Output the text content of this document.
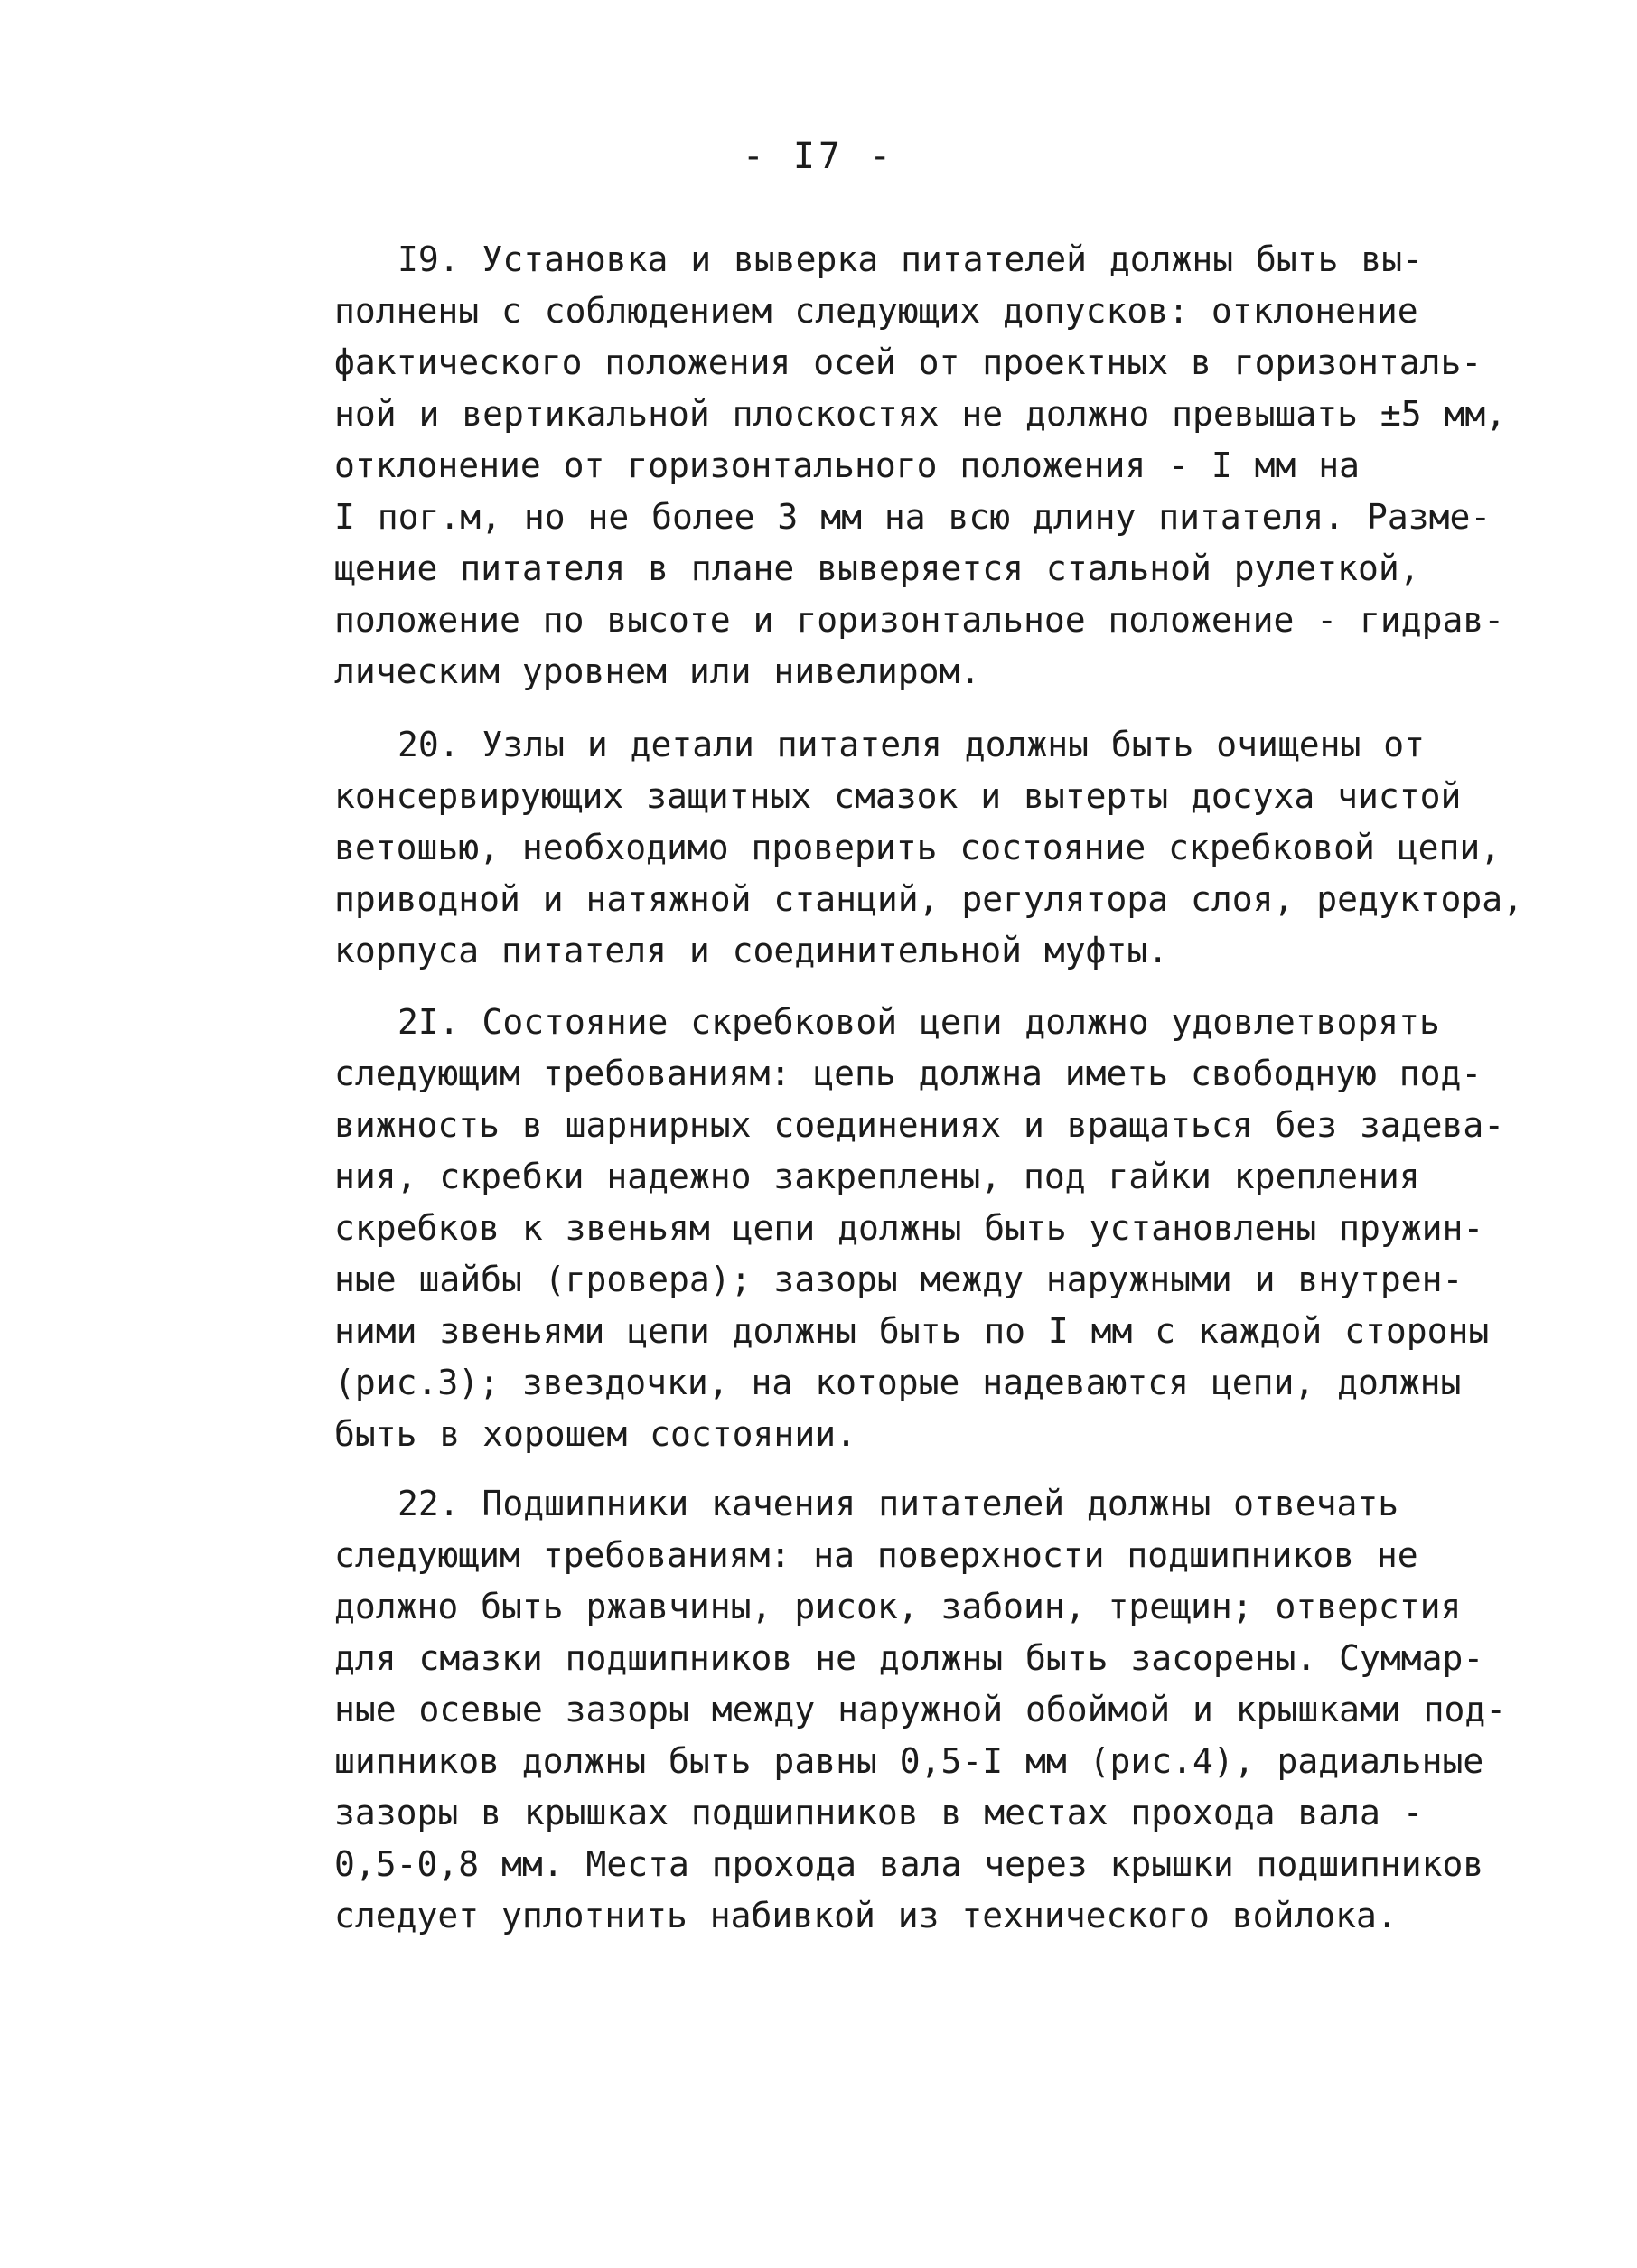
- I7 -
I9. Установка и выверка питателей должны быть вы-
полнены с соблюдением следующих допусков: отклонение
фактического положения осей от проектных в горизонталь-
ной и вертикальной плоскостях не должно превышать ±5 мм,
отклонение от горизонтального положения - I мм на
I пог.м, но не более 3 мм на всю длину питателя. Разме-
щение питателя в плане выверяется стальной рулеткой,
положение по высоте и горизонтальное положение - гидрав-
лическим уровнем или нивелиром.
20. Узлы и детали питателя должны быть очищены от
консервирующих защитных смазок и вытерты досуха чистой
ветошью, необходимо проверить состояние скребковой цепи,
приводной и натяжной станций, регулятора слоя, редуктора,
корпуса питателя и соединительной муфты.
2I. Состояние скребковой цепи должно удовлетворять
следующим требованиям: цепь должна иметь свободную под-
вижность в шарнирных соединениях и вращаться без задева-
ния, скребки надежно закреплены, под гайки крепления
скребков к звеньям цепи должны быть установлены пружин-
ные шайбы (гровера); зазоры между наружными и внутрен-
ними звеньями цепи должны быть по I мм с каждой стороны
(рис.3); звездочки, на которые надеваются цепи, должны
быть в хорошем состоянии.
22. Подшипники качения питателей должны отвечать
следующим требованиям: на поверхности подшипников не
должно быть ржавчины, рисок, забоин, трещин; отверстия
для смазки подшипников не должны быть засорены. Суммар-
ные осевые зазоры между наружной обоймой и крышками под-
шипников должны быть равны 0,5-I мм (рис.4), радиальные
зазоры в крышках подшипников в местах прохода вала -
0,5-0,8 мм. Места прохода вала через крышки подшипников
следует уплотнить набивкой из технического войлока.
